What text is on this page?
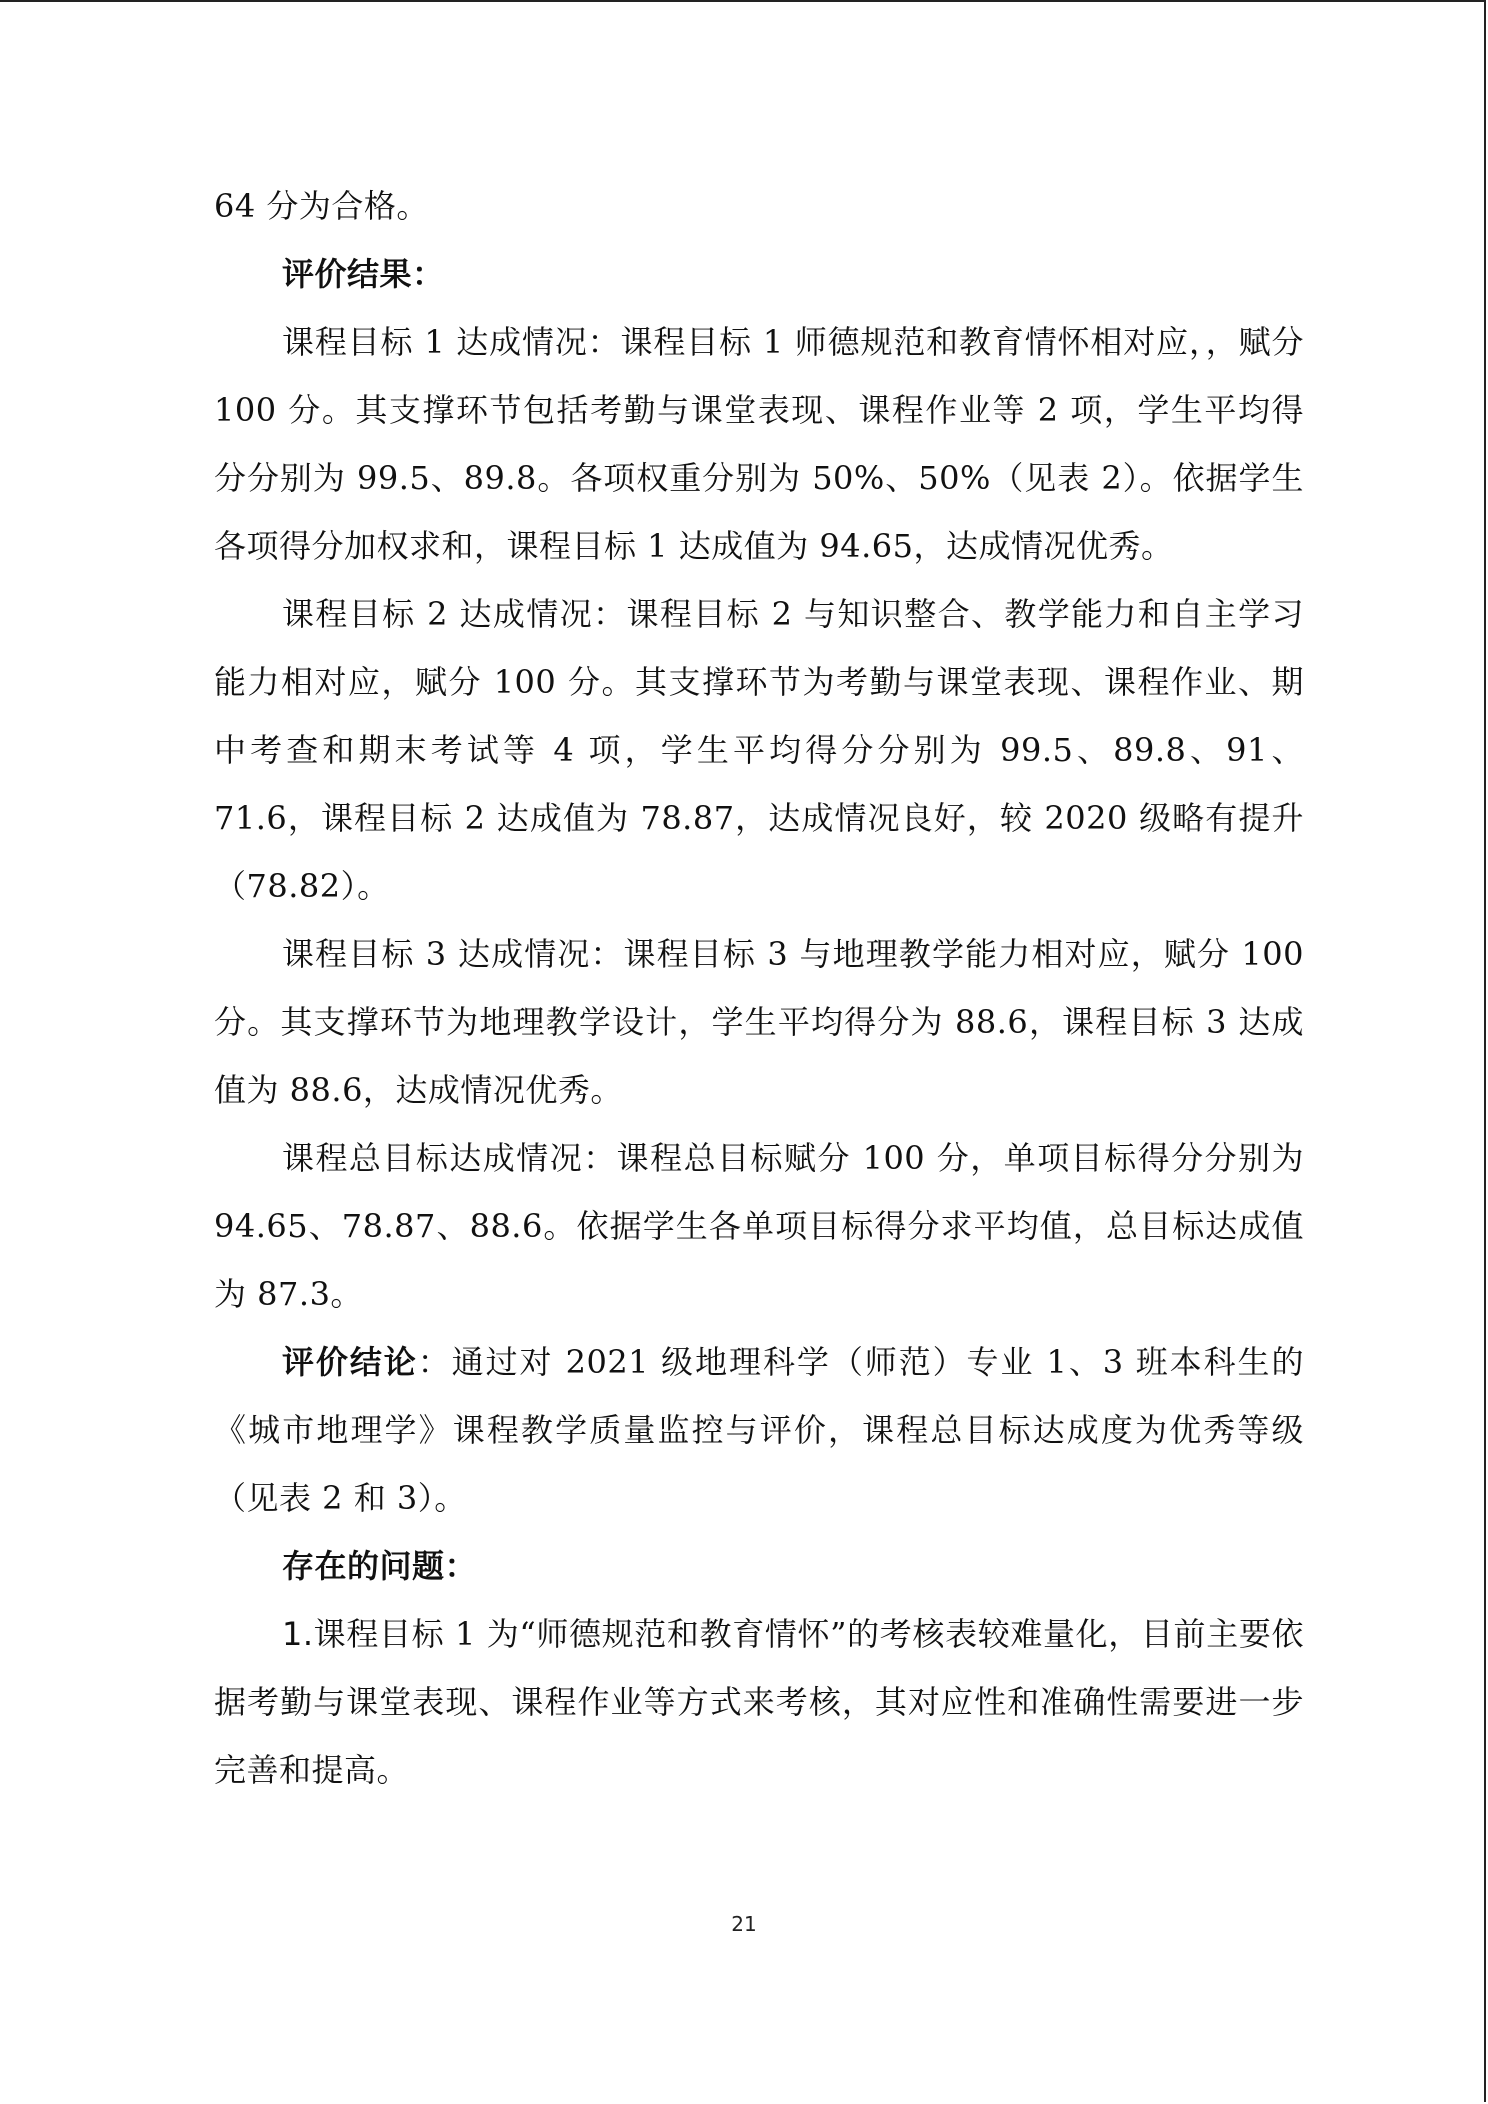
64 分为合格。

评价结果：

课程目标 1 达成情况：课程目标 1 师德规范和教育情怀相对应，，赋分 100 分。其支撑环节包括考勤与课堂表现、课程作业等 2 项，学生平均得分分别为 99.5、89.8。各项权重分别为 50%、50%（见表 2）。依据学生各项得分加权求和，课程目标 1 达成值为 94.65，达成情况优秀。

课程目标 2 达成情况：课程目标 2 与知识整合、教学能力和自主学习能力相对应，赋分 100 分。其支撑环节为考勤与课堂表现、课程作业、期中考查和期末考试等 4 项，学生平均得分分别为 99.5、89.8、91、71.6，课程目标 2 达成值为 78.87，达成情况良好，较 2020 级略有提升（78.82）。

课程目标 3 达成情况：课程目标 3 与地理教学能力相对应，赋分 100 分。其支撑环节为地理教学设计，学生平均得分为 88.6，课程目标 3 达成值为 88.6，达成情况优秀。

课程总目标达成情况：课程总目标赋分 100 分，单项目标得分分别为 94.65、78.87、88.6。依据学生各单项目标得分求平均值，总目标达成值为 87.3。

评价结论：通过对 2021 级地理科学（师范）专业 1、3 班本科生的《城市地理学》课程教学质量监控与评价，课程总目标达成度为优秀等级（见表 2 和 3）。

存在的问题：

1.课程目标 1 为“师德规范和教育情怀”的考核表较难量化，目前主要依据考勤与课堂表现、课程作业等方式来考核，其对应性和准确性需要进一步完善和提高。

21
